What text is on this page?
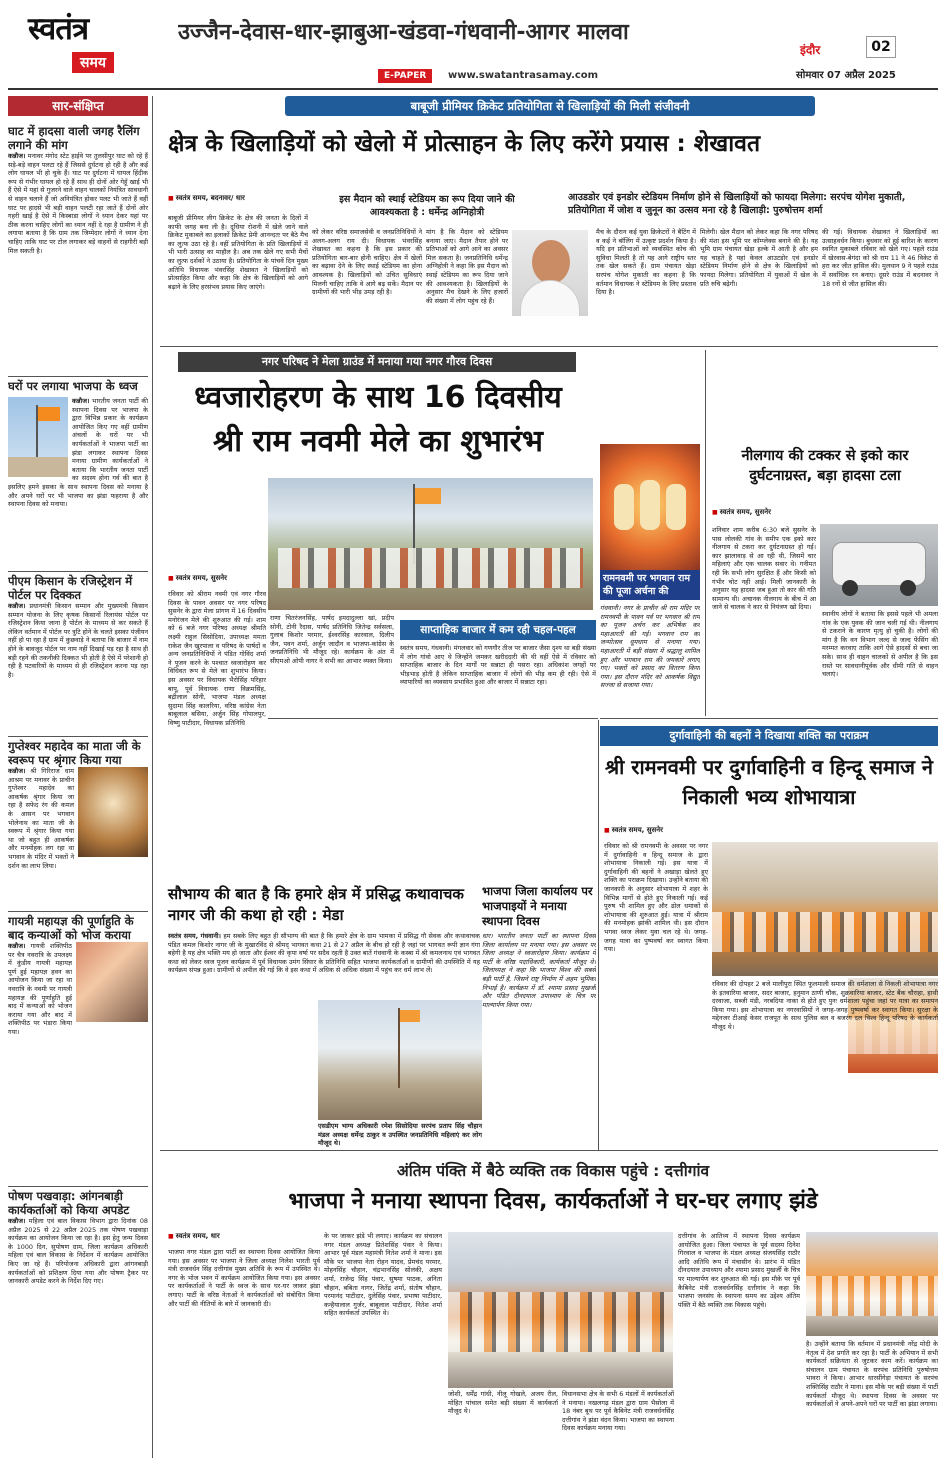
स्वतंत्र
समय
उज्जैन-देवास-धार-झाबुआ-खंडवा-गंधवानी-आगर मालवा
इंदौर	02
E-PAPER	www.swatantrasamay.com	सोमवार 07 अप्रैल 2025
सार-संक्षिप्त
घाट में हादसा वाली जगह रैलिंग लगाने की मांग
कन्नौज। मनावर मंगोद स्टेट हाईवे पर तुलसीपुर घाट को रहे हैं सड़े-बड़े वाहन पलटा रहे हैं जिससे दुर्घटना हो रही है और कई लोग घायल भी हो चुके हैं। घाट पर दुर्घटना में घायल हिंदीक रूप से गंभीर घायल हो रहे हैं साथ ही दोनों ओर गेहूँ खाई भी हैं ऐसे में यहां से गुजरने वाले वाहन चालकों नियंत्रित सावधानी से वाहन चलाने हैं जो अनियंत्रित होकर पलट भी जाते हैं वहीं घाट पर हादसे भी बड़ी वाहन पलटी रहा जाते हैं दोनों ओर गहरी खाई है ऐसे में किस्बाडा लोगों ने ध्यान देकर यहां पर ठीक करना चाहिए लोगों का ध्यान नहीं दे रहा है ग्रामीण ने ही लगाया बताया है कि ग्राम तक जिम्मेदार लोगों ने ध्यान देना चाहिए ताकि घाट पर टोल लगाकर बड़े वाहनों से राहगीरी बड़ी मिल सकती है।
घरों पर लगाया भाजपा के ध्वज
कन्नौज। भारतीय जनता पार्टी की स्थापना दिवस पर भाजपा के द्वारा विभिन्न प्रकार के कार्यक्रम आयोजित किए गए वहीं ग्रामीण अंचलों के घरों पर भी कार्यकर्ताओं ने भाजपा पार्टी का झंडा लगाकर स्थापना दिवस मनाया ग्रामीण कार्यकर्ताओं ने बताया कि भारतीय जनता पार्टी का सदस्य होना गर्व की बात है इसलिए हमने इसका के साथ स्थापना दिवस को मनाया है और अपने घरों पर भी भाजपा का झंडा फहराया है और स्थापना दिवस को मनाया।
पीएम किसान के रजिस्ट्रेशन में पोर्टल पर दिक्कत
कन्नौज। प्रधानमंत्री किसान सम्मान और मुख्यमंत्री किसान सम्मान योजना के लिए कृषक किसानों रिलायंस पोर्टल पर रजिस्ट्रेशन किया जाना है पोर्टल के माध्यम से कर सकते हैं लेकिन वर्तमान में पोर्टल पर त्रुटि होने के चलते इसका पंजीयन नहीं हो पा रहा है ग्राम में कुछवाड़े ने बताया कि बाजार में नाम होने के बावजूद पोर्टल पर नाम नहीं दिखाई पड़ रहा है साथ ही बड़ी रहने की तकनीकी दिक्कत भी होती है ऐसे में परेशानी हो रही है पटवारियों के माध्यम से ही रजिस्ट्रेशन करना पड़ रहा है।
गुप्तेश्वर महादेव का माता जी के स्वरूप पर श्रृंगार किया गया
कन्नौज। श्री गिरिराज धाम आश्रम पर मनावर के प्राचीन गुप्तेश्वर महादेव का आकर्षक श्रृंगार किया जा रहा है सफेद रंग की कमल के आसन पर भगवान भोलेनाथ का माता जी के स्वरूप में श्रृंगार किया गया था जो बहुत ही आकर्षक और मनमोहक लग रहा था भगवान के मंदिर में भक्तों ने दर्शन का लाभ लिया।
गायत्री महायज्ञ की पूर्णाहुति के बाद कन्याओं को भोज कराया
कन्नौज। गायत्री शक्तिपीठ पर चैत्र नवरात्रि के उपलक्ष्य में कुंडीय गायत्री महायज्ञ पूर्ण हुई महायज्ञ हवन का आयोजन किया जा रहा था नवरात्रि के नवमी पर गायत्री महायज्ञ की पूर्णाहुति हुई बाद में कन्याओं को भोजन कराया गया और बाद में शक्तिपीठ पर भंडारा किया गया।
पोषण पखवाड़ा: आंगनबाड़ी कार्यकर्ताओं को किया अपडेट
कन्नौज। महिला एवं बाल विकास विभाग द्वारा दिनांक 08 अप्रैल 2025 से 22 अप्रैल 2025 तक पोषण पखवाड़ा कार्यक्रम का आयोजन किया जा रहा है। इस हेतु जन्म दिवस के 1000 दिन, सुपोषण ग्राम, जिला कार्यक्रम अधिकारी महिला एवं बाल विकास के निर्देशन में कार्यक्रम आयोजित किए जा रहे हैं। परियोजना अधिकारी द्वारा आंगनबाड़ी कार्यकर्ताओं को प्रशिक्षण दिया गया और पोषण ट्रैकर पर जानकारी अपडेट करने के निर्देश दिए गए।
बाबूजी प्रीमियर क्रिकेट प्रतियोगिता से खिलाड़ियों की मिली संजीवनी
क्षेत्र के खिलाड़ियों को खेलो में प्रोत्साहन के लिए करेंगे प्रयास : शेखावत
■ स्वतंत्र समय, बदनावर/ धार	इस मैदान को स्थाई स्टेडियम का रूप दिया जाने की आवश्यकता है : धर्मेन्द्र अग्निहोत्री
आउडडोर एवं इनडोर स्टेडियम निर्माण होने से खिलाड़ियों को फायदा मिलेगा: सरपंच योगेश मुकाती, प्रतियोगिता में जोश व जुनून का उत्सव मना रहे है खिलाड़ी: पुरुषोत्तम शर्मा
बाबूजी प्रीमियर लीग क्रिकेट के क्षेत्र की जनता के दिलों में काफी जगह बना ली है। दूधिया रोशनी में खेले जाने वाले क्रिकेट मुकाबले का इलाकों क्रिकेट प्रेमी आनन्दतः पर बैठे मैच का लुत्फ उठा रहे है। वहीं प्रतियोगिता के प्रति खिलाड़ियों में भी भारी उत्साह का माहौल है। अब तक खेले गए सभी मैचों का लुत्फ दर्शकों ने उठाया है। प्रतियोगिता के पांचवें दिन मुख्य अतिथि विधायक भंवरसिंह शेखावत ने खिलाड़ियों को प्रोत्साहित किया और कहा कि क्षेत्र के खिलाड़ियों को आगे बढ़ाने के लिए हरसंभव प्रयास किए जाएंगे।
को लेकर वरिष्ठ समाजसेवी व जनप्रतिनिधियों ने अलग-अलग राय दी। विधायक भंवरसिंह शेखावत का कहना है कि इस प्रकार की प्रतियोगिता बार-बार होनी चाहिए। क्षेत्र में खेलों का बढ़ावा देने के लिए स्थाई स्टेडियम का होना आवश्यक है। खिलाड़ियों को उचित सुविधाएं मिलनी चाहिए ताकि वे आगे बढ़ सकें। मैदान पर ग्रामीणों की भारी भीड़ उमड़ रही है।
मांग है कि मैदान को स्टेडियम बनाया जाए। मैदान तैयार होने पर प्रतिभाओं को आगे आने का अवसर मिल सकता है। जनप्रतिनिधि धर्मेन्द्र अग्निहोत्री ने कहा कि इस मैदान को स्थाई स्टेडियम का रूप दिया जाने की आवश्यकता है। खिलाड़ियों के अनुसार मैच देखने के लिए हजारों की संख्या में लोग पहुंच रहे हैं।
मैच के दौरान कई युवा क्रिकेटरों ने बैटिंग में व कई ने बॉलिंग में उत्कृष्ट प्रदर्शन किया है। यदि इन प्रतिभाओं को व्यवस्थित कोच की सुविधा मिलती है तो यह आगे राष्ट्रीय स्तर तक खेल सकते हैं। ग्राम पंचायत खेड़ा सरपंच योगेश मुकाती का कहना है कि वर्तमान विधायक ने स्टेडियम के लिए प्रस्ताव दिया है।
मिलेगी। खेल मैदान को लेकर कहा कि नगर परिषद की मंशा इस भूमि पर कॉम्प्लेक्स बनाने की है। यह भूमि ग्राम पंचायत खेड़ा हल्के में आती है और हम यह चाहते है यहां केवल आउटडोर एवं इनडोर स्टेडियम निर्माण होने से क्षेत्र के खिलाड़ियों को फायदा मिलेगा। प्रतियोगिता में युवाओं में खेल के प्रति रुचि बढ़ेगी।
की गई। विधायक शेखावत ने खिलाड़ियों का उत्साहवर्धन किया। बुधवार को हुई बारिश के कारण स्थगित मुकाबले रविवार को खेले गए। पहले राउंड में खेरवास-बेगंदा को श्री राम 11 ने 46 विकेट से हरा कर जीत हासिल की। मुलथान 9 ने पहले राउंड में सर्वाधिक रन बनाए। दूसरे राउंड में बदनावर ने 18 रनों से जीत हासिल की।
नगर परिषद ने मेला ग्राउंड में मनाया गया नगर गौरव दिवस
ध्वजारोहरण के साथ 16 दिवसीय
श्री राम नवमी मेले का शुभारंभ
■ स्वतंत्र समय, सुसनेर
रविवार को श्रीराम नवमी एवं नगर गौरव दिवस के पावन अवसर पर नगर परिषद सुसनेर के द्वारा मेला प्रांगण में 16 दिवसीय मनोरंजन मेले की शुरुआत की गई। शाम को 6 बजे नगर परिषद अध्यक्ष श्रीमति लक्ष्मी राहुल सिसोदिया, उपाध्यक्ष ममता राकेश जैन खुरपाला व परिषद के पार्षदों व अन्य जनप्रतिनिधियों ने पंडित गोविंद शर्मा ने पूजन करने के पश्चात ध्वजारोहण कर विधिवत रूप से मेले का शुभारंभ किया। इस अवसर पर विधायक भैरोसिंह परिहार बापू, पूर्व विधायक राणा विक्रमसिंह, बद्रीलाल सोनी, भाजपा मंडल अध्यक्ष सुदामा सिंह कालरिया, वरिष्ठ कांग्रेस नेता बाबूलाल बसिया, अर्जुन सिंह गोपालपुर, विष्णु पाटीदार, विधायक प्रतिनिधि
राणा चितरंजनसिंह, पार्षद इमदादुल्ला खां, प्रदीप सोनी, टोनी रैदास, पार्षद प्रतिनिधि जितेन्द्र सर्वसला, गुलाब किशोर परमार, ईश्वरसिंह कारवाल, दिलीप जैन, पवन शर्मा, अर्जुन जादौन व भाजपा-कांग्रेस के जनप्रतिनिधि भी मौजूद रहे। कार्यक्रम के अंत में सीएमओ ओपी नागर ने सभी का आभार व्यक्त किया।
साप्ताहिक बाजार में कम रही चहल-पहल
स्वतंत्र समय, गंधवानी। मंगलवार को गणगौर तीज पर बाजार जैसा दृश्य था बड़ी संख्या में लोग गांवो आए थे जिन्होंने जमकर खरीददारी की थी वहीं ऐसे में रविवार को साप्ताहिक बाजार के दिन मार्गों पर सन्नाटा ही पसरा रहा। अधिकांश जगहों पर भीड़भाड़ होती है लेकिन साप्ताहिक बाजार में लोगों की भीड़ कम ही रही। ऐसे में व्यापारियों का व्यवसाय प्रभावित हुआ और बाजार में सन्नाटा रहा।
रामनवमी पर भगवान राम की पूजा अर्चना की
गंधवानी। नगर के प्राचीन श्री राम मंदिर पर रामनवमी के पावन पर्व पर भगवान श्री राम का पूजन अर्चन कर अभिषेक कर महाआरती की गई। भगवान राम का जन्मोत्सव धूमधाम से मनाया गया। महाआरती में बड़ी संख्या में श्रद्धालु शामिल हुए और भगवान राम की जयकारे लगाए गए। भक्तों को प्रसाद का वितरण किया गया। इस दौरान मंदिर को आकर्षक विद्युत सज्जा से सजाया गया।
नीलगाय की टक्कर से इको कार दुर्घटनाग्रस्त, बड़ा हादसा टला
■ स्वतंत्र समय, सुसनेर
शनिवार शाम करीब 6:30 बजे सुसनेर के पास लोलकी गांव के समीप एक इको कार नीलगाय से टकरा कर दुर्घटनाग्रस्त हो गई। कार झालावाड़ से आ रही थी, जिसमें चार महिलाएं और एक चालक सवार थे। गनीमत रही कि सभी लोग सुरक्षित हैं और किसी को गंभीर चोट नहीं आई। मिली जानकारी के अनुसार यह हादसा जब हुआ तो कार की गति सामान्य थी। अचानक नीलगाय के बीच में आ जाने से चालक ने कार से नियंत्रण खो दिया।
स्थानीय लोगों ने बताया कि इससे पहले भी अमला गांव के एक युवक की जान चली गई थी। नीलगाय से टकराने के कारण मृत्यु हो चुकी है। लोगों की मांग है कि वन विभाग जल्द से जल्द फेंसिंग की मरम्मत करवाए ताकि आगे ऐसे हादसों से बचा जा सके। साथ ही वाहन चालकों से अपील है कि इस रास्ते पर सावधानीपूर्वक और धीमी गति से वाहन चलाएं।
सौभाग्य की बात है कि हमारे क्षेत्र में प्रसिद्ध कथावाचक नागर जी की कथा हो रही : मेडा
स्वतंत्र समय, गंधवानी। हम सबके लिए बहुत ही सौभाग्य की बात है कि हमारे क्षेत्र के ग्राम भामका में प्रसिद्ध गौ सेवक और कथावाचक पंडित कमल किशोर नागर जी के मुखारविंद से श्रीमद् भागवत कथा 21 से 27 अप्रैल के बीच हो रही है जहां पर भागवत रूपी ज्ञान गंगा बहेगी है यह क्षेत्र भक्ति मय हो जाता और ईश्वर की कृपा वर्षा पर सदैव रहती है उक्त बातें गंधवानी के कस्बा में श्री कमलनाथ एवं भागवत कथा को लेकर ध्वज पूजन कार्यक्रम में पूर्व विधायक उमंग सिंघार के प्रतिनिधि सहित भाजपा कार्यकर्ताओं व ग्रामीणों की उपस्थिति में यह कार्यक्रम संपन्न हुआ। ग्रामीणों से अपील की गई कि वे इस कथा में अधिक से अधिक संख्या में पहुंच कर धर्म लाभ लें।
एसडीएम भाग्य अधिकारी रमेश सिसोदिया सरपंच प्रताप सिंह चौहान मंडल अध्यक्ष धर्मेन्द्र ठाकुर व उपस्थित जनप्रतिनिधि महिलाएं कर लोग मौजूद थे।
भाजपा जिला कार्यालय पर भाजपाइयों ने मनाया स्थापना दिवस
धार। भारतीय जनता पार्टी का स्थापना दिवस जिला कार्यालय पर मनाया गया। इस अवसर पर जिला अध्यक्ष ने ध्वजारोहण किया। कार्यक्रम में पार्टी के वरिष्ठ पदाधिकारी, कार्यकर्ता मौजूद थे। जिलाध्यक्ष ने कहा कि भाजपा विश्व की सबसे बड़ी पार्टी है, जिसने राष्ट्र निर्माण में अहम भूमिका निभाई है। कार्यक्रम में डॉ. श्यामा प्रसाद मुखर्जी और पंडित दीनदयाल उपाध्याय के चित्र पर माल्यार्पण किया गया।
दुर्गावाहिनी की बहनों ने दिखाया शक्ति का पराक्रम
श्री रामनवमी पर दुर्गावाहिनी व हिन्दू समाज ने निकाली भव्य शोभायात्रा
■ स्वतंत्र समय, सुसनेर
रविवार को श्री रामनवमी के अवसर पर नगर में दुर्गावाहिनी व हिन्दू समाज के द्वारा शोभायात्रा निकाली गई। इस यात्रा में दुर्गावाहिनी की बहनों ने अखाड़ा खेलते हुए शक्ति का पराक्रम दिखाया। उन्होंने बताया की जानकारी के अनुसार शोभायात्रा में शहर के विभिन्न मार्गो से होते हुए निकाली गई। कई पुरुष भी शामिल हुए और ढोल धमाकों से शोभायात्रा की शुरुआत हुई। यात्रा में श्रीराम की मनमोहक झांकी शामिल थी। इस दौरान भगवा ध्वज लेकर युवा चल रहे थे। जगह-जगह यात्रा का पुष्पवर्षा कर स्वागत किया गया।
रविवार की दोपहर 2 बजे मालीपुरा स्थित फूलमाली समाज की धर्मशाला से निकली शोभायात्रा नगर के इतवारिया बाजार, सदर बाजार, हनुमान ठाणी चौक, शुक्रवारिया बाजार, स्टेट बैंक चौराहा, हाथी दरवाजा, सब्जी मंडी, नरबदिया नाका से होते हुए पुनः धर्मशाला पहुंचा जहां पर यात्रा का समापन किया गया। इस शोभायात्रा का नगरवासियों ने जगह-जगह पुष्पवर्षा कर स्वागत किया। सुरक्षा के मद्देनजर टीआई केसर राजपूत के साथ पुलिस बल व बजरंग दल विश्व हिन्दू परिषद के कार्यकर्ता मौजूद थे।
अंतिम पंक्ति में बैठे व्यक्ति तक विकास पहुंचे : दत्तीगांव
भाजपा ने मनाया स्थापना दिवस, कार्यकर्ताओं ने घर-घर लगाए झंडे
■ स्वतंत्र समय, धार
भाजपा नगर मंडल द्वारा पार्टी का स्थापना दिवस आयोजित किया गया। इस अवसर पर भाजपा ने जिला अध्यक्ष निलेश भारती पूर्व मंत्री राजवर्धन सिंह दत्तीगांव मुख्य अतिथि के रूप में उपस्थित थे। नगर के भोज भवन में कार्यक्रम आयोजित किया गया। इस अवसर पर कार्यकर्ताओं ने पार्टी के ध्वज के साथ घर-घर जाकर झंडा लगाए। पार्टी के वरिष्ठ नेताओं ने कार्यकर्ताओं को संबोधित किया और पार्टी की नीतियों के बारे में जानकारी दी।
के पर जाकर झंडे भी लगाए। कार्यक्रम का संचालन नगर मंडल अध्यक्ष प्रितेशसिंह पंवार ने किया। आभार पूर्व मंडल महामंत्री नितेश शर्मा ने माना। इस मौके पर भाजपा नेता रोहन यादव, प्रेमचंद परमार, मोहनसिंह चौहान, चंद्रभानसिंह सोलंकी, अक्षय शर्मा, राजेन्द्र सिंह पंवार, सुषमा पाठक, अनिता चौहान, बबिता नागर, जितेंद्र शर्मा, संतोष चौहान, परमानंद पाटीदार, दुलेसिंह पंवार, प्रभाषा पाटीदार, कन्हैयालाल गुर्जर, बाबूलाल पाटीदार, नितेश शर्मा सहित कार्यकर्ता उपस्थित थे।
जोशी, धर्मेंद्र गांधी, नीलू गोखले, अजय रील, मोहित पांचाल समेत बड़ी संख्या में कार्यकर्ता मौजूद थे।
विधानसभा क्षेत्र के सभी 6 मंडलों में कार्यकर्ताओं ने मनाया। नखलगढ़ मंडल द्वारा ग्राम भैसोला में 18 नंबर बूथ पर पूर्व कैबिनेट मंत्री राजवर्धनसिंह दत्तीगांव ने झंडा वंदन किया। भाजपा का स्थापना दिवस कार्यक्रम मनाया गया।
दत्तीगांव के आतिथ्य में स्थापना दिवस कार्यक्रम आयोजित हुआ। जिला पंचायत के पूर्व सदस्य दिनेश गिरवाल व भाजपा के मंडल अध्यक्ष संजयसिंह राठौर आदि अतिथि रूप में मंचासीन थे। प्रारंभ में पंडित दीनदयाल उपाध्याय और श्यामा प्रसाद मुखर्जी के चित्र पर माल्यार्पण कर शुरुआत की गई। इस मौके पर पूर्व कैबिनेट मंत्री राजवर्धनसिंह दत्तीगांव ने कहा कि भाजपा जनसंघ के स्थापना समय का उद्देश्य अंतिम पंक्ति में बैठे व्यक्ति तक विकास पहुंचे।
है। उन्होंने बताया कि वर्तमान में प्रधानमंत्री नरेंद्र मोदी के नेतृत्व में देश प्रगति कर रहा है। पार्टी के अभियान में सभी कार्यकर्ता सक्रियता से जुटकर काम करें। कार्यक्रम का संचालन ग्राम पंचायत के सरपंच प्रतिनिधि पुरुषोत्तम भावरा ने किया। आभार धारसींगेड़ा पंचायत के सरपंच शक्तिसिंह राठौर ने माना। इस मौके पर बड़ी संख्या में पार्टी कार्यकर्ता मौजूद थे। स्थापना दिवस के अवसर पर कार्यकर्ताओं ने अपने-अपने घरों पर पार्टी का झंडा लगाया।
